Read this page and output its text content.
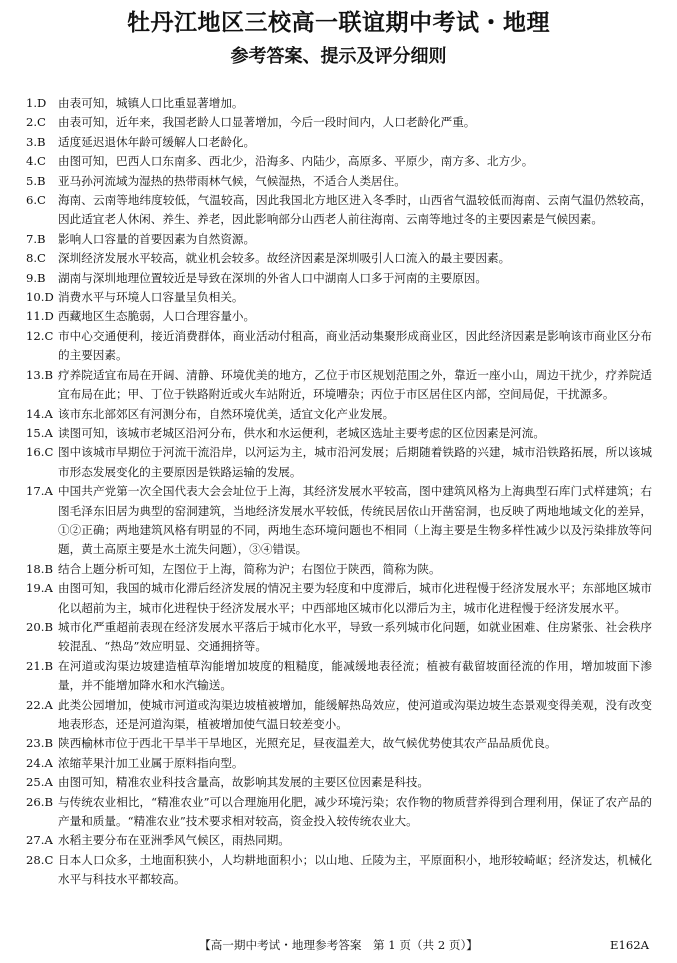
牡丹江地区三校高一联谊期中考试・地理
参考答案、提示及评分细则
1.D	由表可知，城镇人口比重显著增加。
2.C	由表可知，近年来，我国老龄人口显著增加，今后一段时间内，人口老龄化严重。
3.B	适度延迟退休年龄可缓解人口老龄化。
4.C	由图可知，巴西人口东南多、西北少，沿海多、内陆少，高原多、平原少，南方多、北方少。
5.B	亚马孙河流域为湿热的热带雨林气候，气候湿热，不适合人类居住。
6.C	海南、云南等地纬度较低，气温较高，因此我国北方地区进入冬季时，山西省气温较低而海南、云南气温仍然较高，因此适宜老人休闲、养生、养老，因此影响部分山西老人前往海南、云南等地过冬的主要因素是气候因素。
7.B	影响人口容量的首要因素为自然资源。
8.C	深圳经济发展水平较高，就业机会较多。故经济因素是深圳吸引人口流入的最主要因素。
9.B	湖南与深圳地理位置较近是导致在深圳的外省人口中湖南人口多于河南的主要原因。
10.D 消费水平与环境人口容量呈负相关。
11.D 西藏地区生态脆弱，人口合理容量小。
12.C 市中心交通便利，接近消费群体，商业活动付租高，商业活动集聚形成商业区，因此经济因素是影响该市商业区分布的主要因素。
13.B 疗养院适宜布局在开阔、清静、环境优美的地方，乙位于市区规划范围之外，靠近一座小山，周边干扰少，疗养院适宜布局在此；甲、丁位于铁路附近或火车站附近，环境嘈杂；丙位于市区居住区内部，空间局促，干扰源多。
14.A 该市东北部郊区有河测分布，自然环境优美，适宜文化产业发展。
15.A 读图可知，该城市老城区沿河分布，供水和水运便利，老城区选址主要考虑的区位因素是河流。
16.C 图中该城市早期位于河流干流沿岸，以河运为主，城市沿河发展；后期随着铁路的兴建，城市沿铁路拓展，所以该城市形态发展变化的主要原因是铁路运输的发展。
17.A 中国共产党第一次全国代表大会会址位于上海，其经济发展水平较高，图中建筑风格为上海典型石库门式样建筑；右图毛泽东旧居为典型的窑洞建筑，当地经济发展水平较低，传统民居依山开凿窑洞，也反映了两地地域文化的差异，①②正确；两地建筑风格有明显的不同，两地生态环境问题也不相同（上海主要是生物多样性减少以及污染排放等问题，黄土高原主要是水土流失问题），③④错误。
18.B 结合上题分析可知，左图位于上海，简称为沪；右图位于陕西，简称为陕。
19.A 由图可知，我国的城市化滞后经济发展的情况主要为轻度和中度滞后，城市化进程慢于经济发展水平；东部地区城市化以超前为主，城市化进程快于经济发展水平；中西部地区城市化以滞后为主，城市化进程慢于经济发展水平。
20.B 城市化严重超前表现在经济发展水平落后于城市化水平，导致一系列城市化问题，如就业困难、住房紧张、社会秩序较混乱、“热岛”效应明显、交通拥挤等。
21.B 在河道或沟渠边坡建造植草沟能增加坡度的粗糙度，能减缓地表径流；植被有截留坡面径流的作用，增加坡面下渗量，并不能增加降水和水汽输送。
22.A 此类公园增加，使城市河道或沟渠边坡植被增加，能缓解热岛效应，使河道或沟渠边坡生态景观变得美观，没有改变地表形态，还是河道沟渠，植被增加使气温日较差变小。
23.B 陕西榆林市位于西北干旱半干旱地区，光照充足，昼夜温差大，故气候优势使其农产品品质优良。
24.A 浓缩苹果汁加工业属于原料指向型。
25.A 由图可知，精准农业科技含量高，故影响其发展的主要区位因素是科技。
26.B 与传统农业相比，“精准农业”可以合理施用化肥，减少环境污染；农作物的物质营养得到合理利用，保证了农产品的产量和质量。“精准农业”技术要求相对较高，资金投入较传统农业大。
27.A 水稻主要分布在亚洲季风气候区，雨热同期。
28.C 日本人口众多，土地面积狭小，人均耕地面积小；以山地、丘陵为主，平原面积小，地形较崎岖；经济发达，机械化水平与科技水平都较高。
【高一期中考试・地理参考答案　第 1 页（共 2 页）】	E162A
